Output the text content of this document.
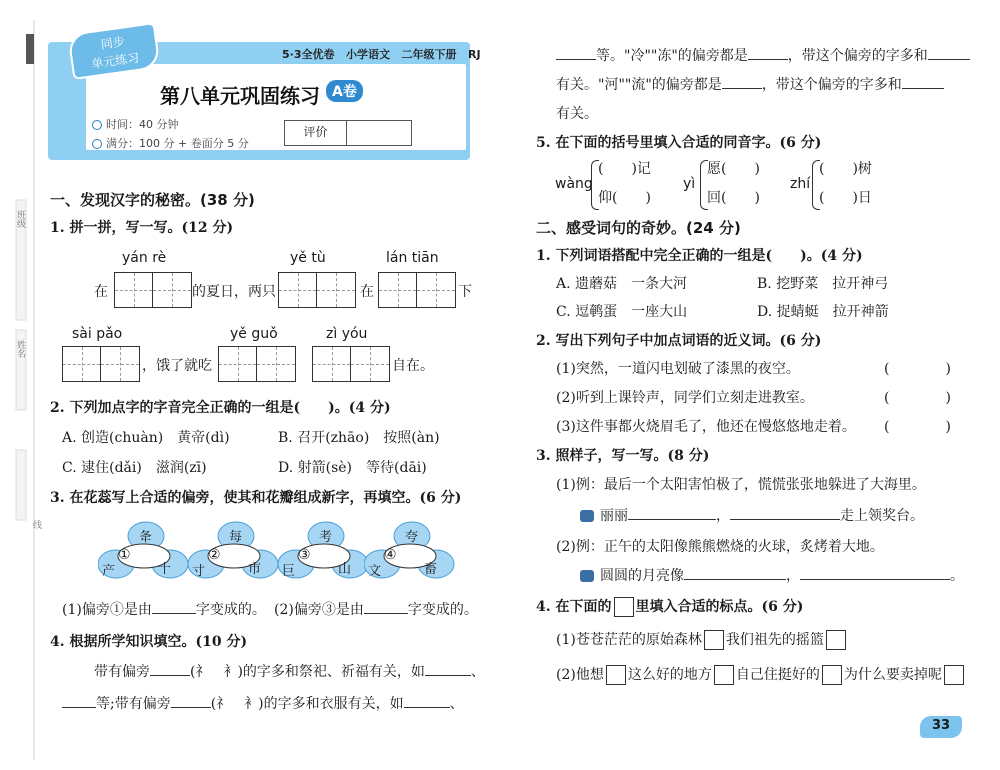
班级
姓名
线
同步
单元练习	5·3全优卷 小学语文 二年级下册 RJ
第八单元巩固练习 A卷
时间：40 分钟
满分：100 分 + 卷面分 5 分
评价
一、发现汉字的秘密。(38 分)
1. 拼一拼，写一写。(12 分)
yán rè	yě tù	lán tiān
在	的夏日，两只	在	下
sài pǎo	yě guǒ	zì yóu
，饿了就吃	自在。
2. 下列加点字的字音完全正确的一组是(　　)。(4 分)
A. 创造(chuàn)　黄帝(dì)	B. 召开(zhāo)　按照(àn)
C. 逮住(dǎi)　滋润(zī)	D. 射箭(sè)　等待(dāi)
3. 在花蕊写上合适的偏旁，使其和花瓣组成新字，再填空。(6 分)
夅
①
产	十
每
②
寸	市
考
③
巨	山
夸
④
文	畜
(1)偏旁①是由	字变成的。 (2)偏旁③是由	字变成的。
4. 根据所学知识填空。(10 分)
带有偏旁	(礻　衤)的字多和祭祀、祈福有关，如	、
等;带有偏旁	(礻　衤)的字多和衣服有关，如	、
等。"冷""冻"的偏旁都是	，带这个偏旁的字多和
有关。"河""流"的偏旁都是	，带这个偏旁的字多和
有关。
5. 在下面的括号里填入合适的同音字。(6 分)
wàng
(　　)记
仰(　　)
yì
愿(　　)
回(　　)
zhí
(　　)树
(　　)日
二、感受词句的奇妙。(24 分)
1. 下列词语搭配中完全正确的一组是(　　)。(4 分)
A. 遗蘑菇　一条大河	B. 挖野菜　拉开神弓
C. 逗鹌蛋　一座大山	D. 捉蜻蜓　拉开神箭
2. 写出下列句子中加点词语的近义词。(6 分)
(1)突然，一道闪电划破了漆黑的夜空。	(　　　　)
(2)听到上课铃声，同学们立刻走进教室。	(　　　　)
(3)这件事都火烧眉毛了，他还在慢悠悠地走着。 (　　　　)
3. 照样子，写一写。(8 分)
(1)例：最后一个太阳害怕极了，慌慌张张地躲进了大海里。
丽丽	，	走上领奖台。
(2)例：正午的太阳像熊熊燃烧的火球，炙烤着大地。
圆圆的月亮像	，	。
4. 在下面的 里填入合适的标点。(6 分)
(1)苍苍茫茫的原始森林 我们祖先的摇篮
(2)他想 这么好的地方 自己住挺好的 为什么要卖掉呢
33
